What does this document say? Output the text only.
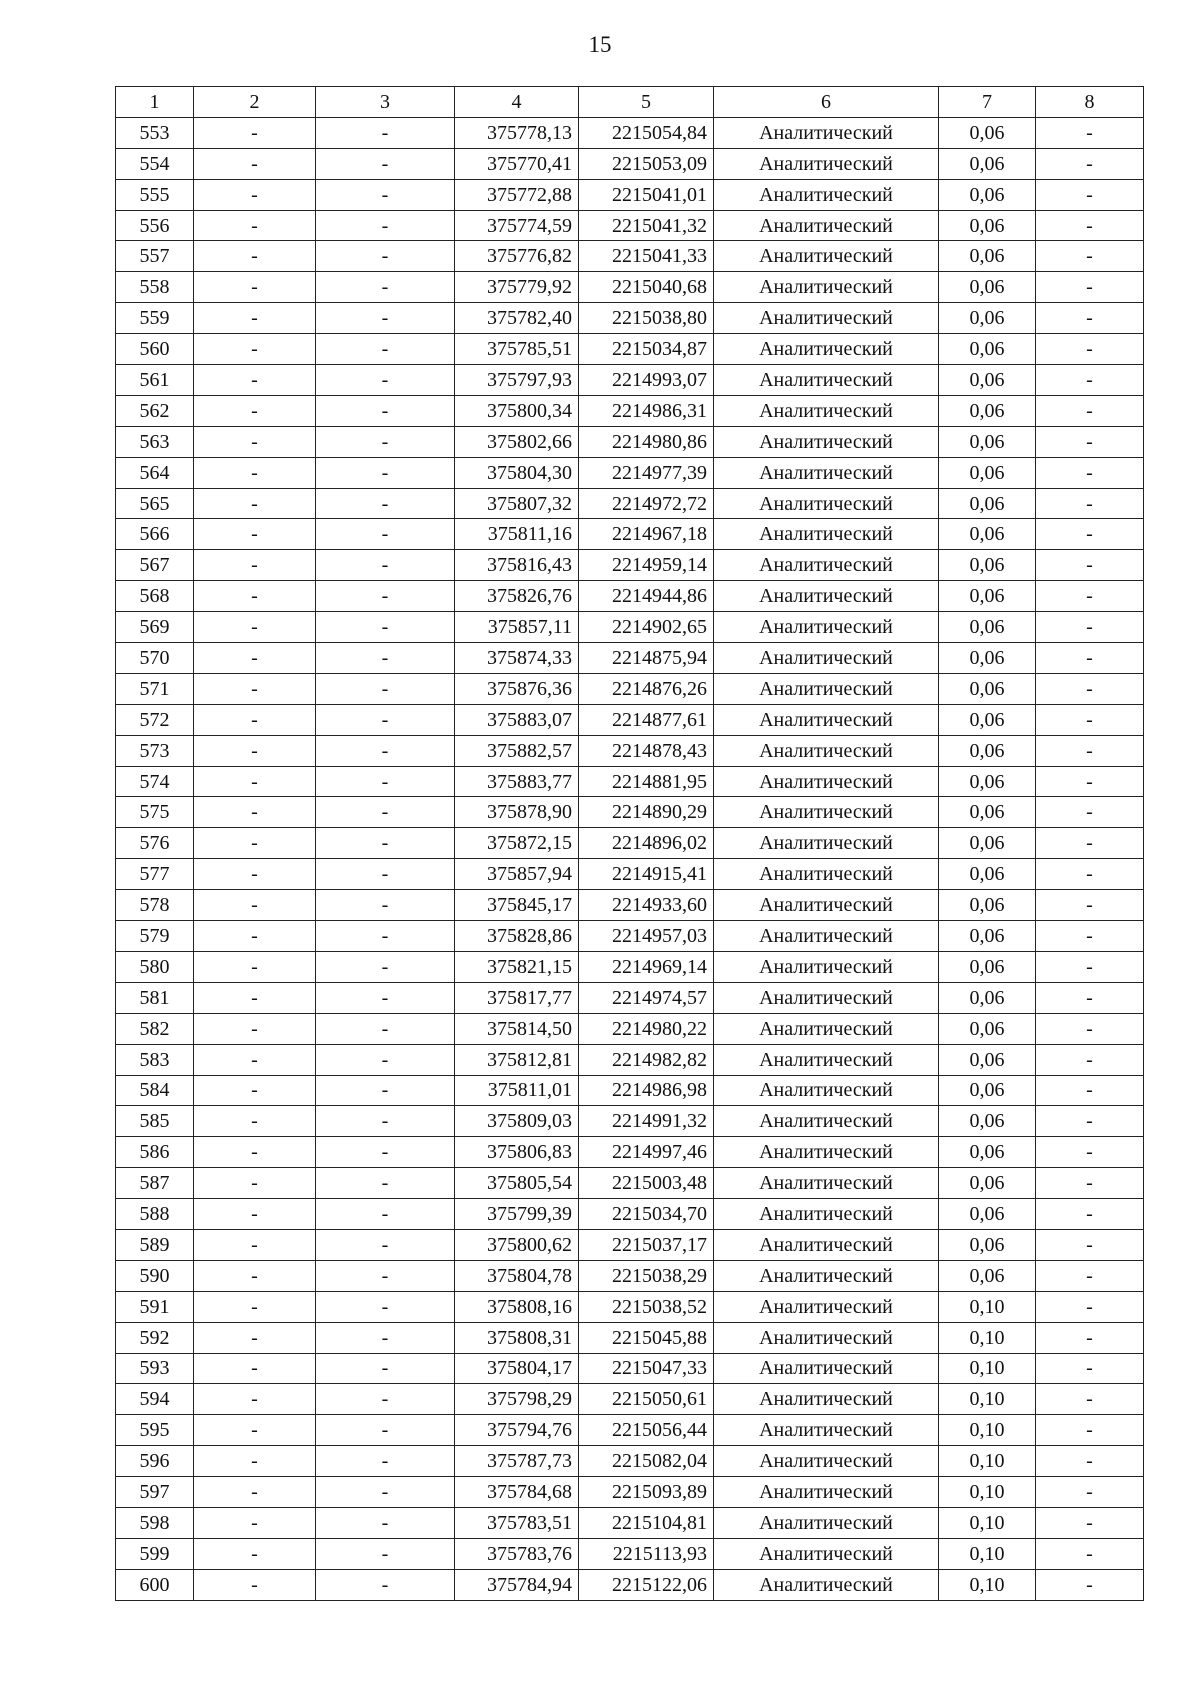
15
1	2	3	4	5	6	7	8
553	-	-	375778,13	2215054,84	Аналитический	0,06	-
554	-	-	375770,41	2215053,09	Аналитический	0,06	-
555	-	-	375772,88	2215041,01	Аналитический	0,06	-
556	-	-	375774,59	2215041,32	Аналитический	0,06	-
557	-	-	375776,82	2215041,33	Аналитический	0,06	-
558	-	-	375779,92	2215040,68	Аналитический	0,06	-
559	-	-	375782,40	2215038,80	Аналитический	0,06	-
560	-	-	375785,51	2215034,87	Аналитический	0,06	-
561	-	-	375797,93	2214993,07	Аналитический	0,06	-
562	-	-	375800,34	2214986,31	Аналитический	0,06	-
563	-	-	375802,66	2214980,86	Аналитический	0,06	-
564	-	-	375804,30	2214977,39	Аналитический	0,06	-
565	-	-	375807,32	2214972,72	Аналитический	0,06	-
566	-	-	375811,16	2214967,18	Аналитический	0,06	-
567	-	-	375816,43	2214959,14	Аналитический	0,06	-
568	-	-	375826,76	2214944,86	Аналитический	0,06	-
569	-	-	375857,11	2214902,65	Аналитический	0,06	-
570	-	-	375874,33	2214875,94	Аналитический	0,06	-
571	-	-	375876,36	2214876,26	Аналитический	0,06	-
572	-	-	375883,07	2214877,61	Аналитический	0,06	-
573	-	-	375882,57	2214878,43	Аналитический	0,06	-
574	-	-	375883,77	2214881,95	Аналитический	0,06	-
575	-	-	375878,90	2214890,29	Аналитический	0,06	-
576	-	-	375872,15	2214896,02	Аналитический	0,06	-
577	-	-	375857,94	2214915,41	Аналитический	0,06	-
578	-	-	375845,17	2214933,60	Аналитический	0,06	-
579	-	-	375828,86	2214957,03	Аналитический	0,06	-
580	-	-	375821,15	2214969,14	Аналитический	0,06	-
581	-	-	375817,77	2214974,57	Аналитический	0,06	-
582	-	-	375814,50	2214980,22	Аналитический	0,06	-
583	-	-	375812,81	2214982,82	Аналитический	0,06	-
584	-	-	375811,01	2214986,98	Аналитический	0,06	-
585	-	-	375809,03	2214991,32	Аналитический	0,06	-
586	-	-	375806,83	2214997,46	Аналитический	0,06	-
587	-	-	375805,54	2215003,48	Аналитический	0,06	-
588	-	-	375799,39	2215034,70	Аналитический	0,06	-
589	-	-	375800,62	2215037,17	Аналитический	0,06	-
590	-	-	375804,78	2215038,29	Аналитический	0,06	-
591	-	-	375808,16	2215038,52	Аналитический	0,10	-
592	-	-	375808,31	2215045,88	Аналитический	0,10	-
593	-	-	375804,17	2215047,33	Аналитический	0,10	-
594	-	-	375798,29	2215050,61	Аналитический	0,10	-
595	-	-	375794,76	2215056,44	Аналитический	0,10	-
596	-	-	375787,73	2215082,04	Аналитический	0,10	-
597	-	-	375784,68	2215093,89	Аналитический	0,10	-
598	-	-	375783,51	2215104,81	Аналитический	0,10	-
599	-	-	375783,76	2215113,93	Аналитический	0,10	-
600	-	-	375784,94	2215122,06	Аналитический	0,10	-
